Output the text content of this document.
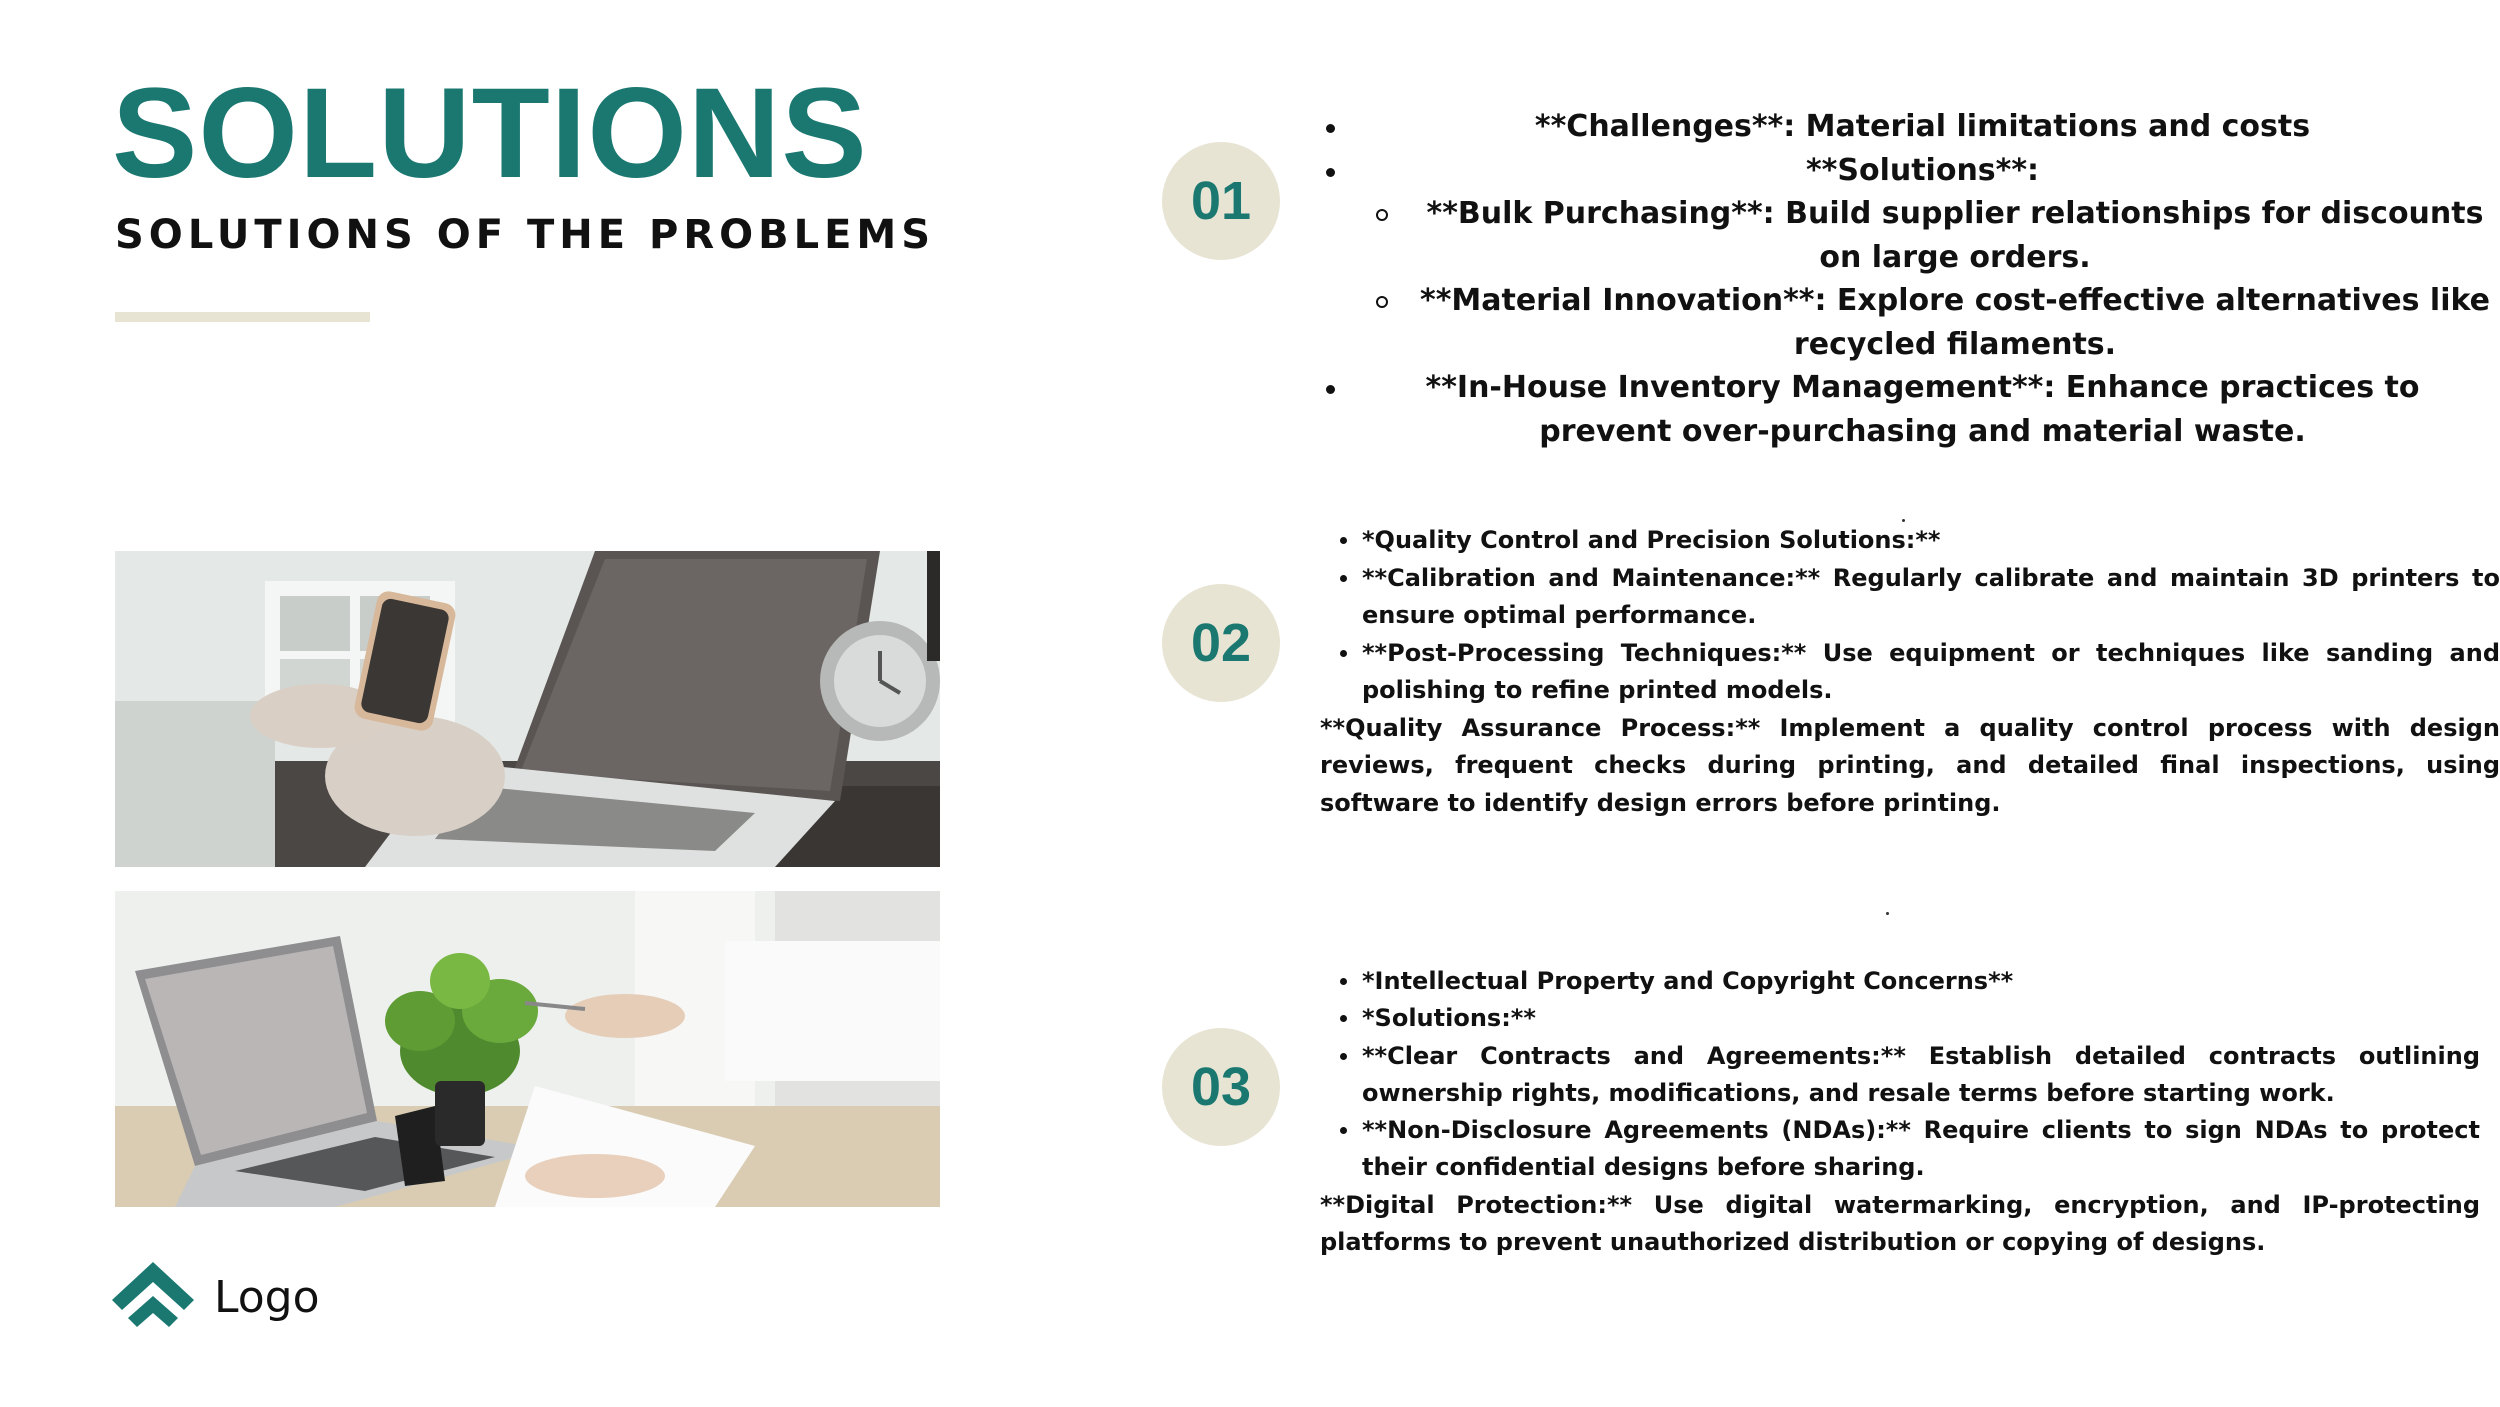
SOLUTIONS
SOLUTIONS OF THE PROBLEMS
Logo
01
02
03
**Challenges**: Material limitations and costs
**Solutions**:
**Bulk Purchasing**: Build supplier relationships for discounts on large orders.
**Material Innovation**: Explore cost-effective alternatives like recycled filaments.
**In-House Inventory Management**: Enhance practices to prevent over-purchasing and material waste.
*Quality Control and Precision Solutions:**
**Calibration and Maintenance:** Regularly calibrate and maintain 3D printers to ensure optimal performance.
**Post-Processing Techniques:** Use equipment or techniques like sanding and polishing to refine printed models.
**Quality Assurance Process:** Implement a quality control process with design reviews, frequent checks during printing, and detailed final inspections, using software to identify design errors before printing.
*Intellectual Property and Copyright Concerns**
*Solutions:**
**Clear Contracts and Agreements:** Establish detailed contracts outlining ownership rights, modifications, and resale terms before starting work.
**Non-Disclosure Agreements (NDAs):** Require clients to sign NDAs to protect their confidential designs before sharing.
**Digital Protection:** Use digital watermarking, encryption, and IP-protecting platforms to prevent unauthorized distribution or copying of designs.
